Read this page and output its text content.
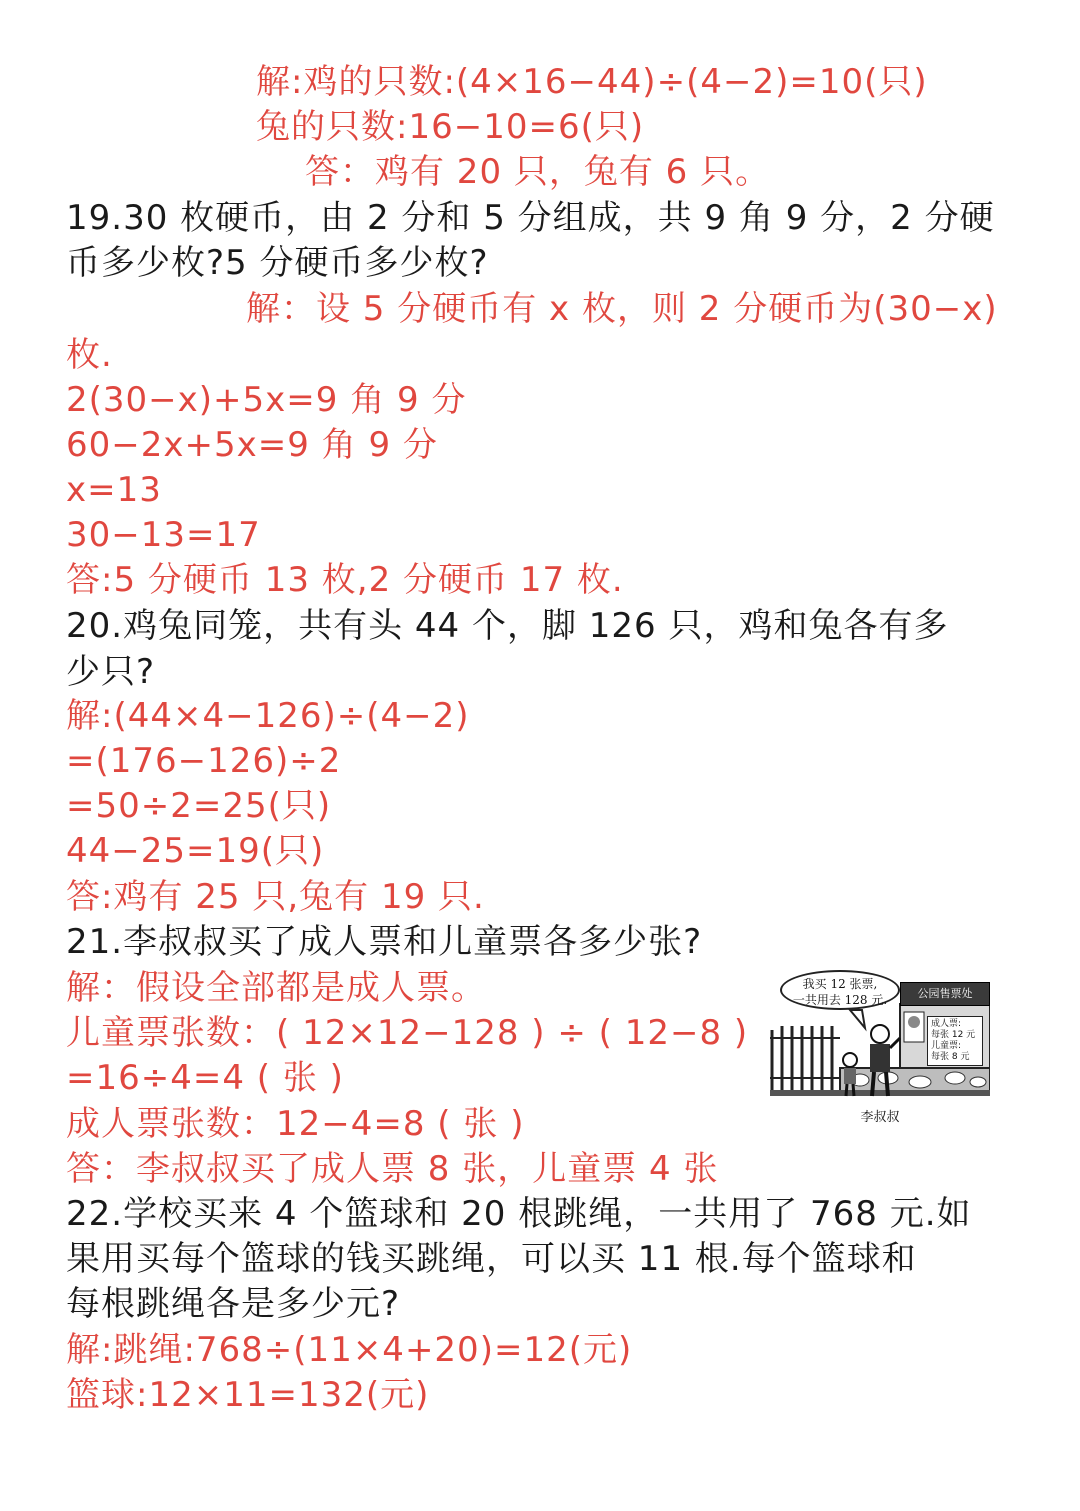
解:鸡的只数:(4×16−44)÷(4−2)=10(只)
兔的只数:16−10=6(只)
答：鸡有 20 只，兔有 6 只。
19.30 枚硬币，由 2 分和 5 分组成，共 9 角 9 分，2 分硬
币多少枚?5 分硬币多少枚?
解：设 5 分硬币有 x 枚，则 2 分硬币为(30−x)
枚.
2(30−x)+5x=9 角 9 分
60−2x+5x=9 角 9 分
x=13
30−13=17
答:5 分硬币 13 枚,2 分硬币 17 枚.
20.鸡兔同笼，共有头 44 个，脚 126 只，鸡和兔各有多
少只?
解:(44×4−126)÷(4−2)
=(176−126)÷2
=50÷2=25(只)
44−25=19(只)
答:鸡有 25 只,兔有 19 只.
21.李叔叔买了成人票和儿童票各多少张?
解：假设全部都是成人票。
儿童票张数：( 12×12−128 ) ÷ ( 12−8 )
=16÷4=4 ( 张 )
成人票张数：12−4=8 ( 张 )
答：李叔叔买了成人票 8 张，儿童票 4 张
22.学校买来 4 个篮球和 20 根跳绳，一共用了 768 元.如
果用买每个篮球的钱买跳绳，可以买 11 根.每个篮球和
每根跳绳各是多少元?
解:跳绳:768÷(11×4+20)=12(元)
篮球:12×11=132(元)
我买 12 张票,
一共用去 128 元.	公园售票处
成人票:
每张 12 元
儿童票:
每张 8 元
李叔叔
